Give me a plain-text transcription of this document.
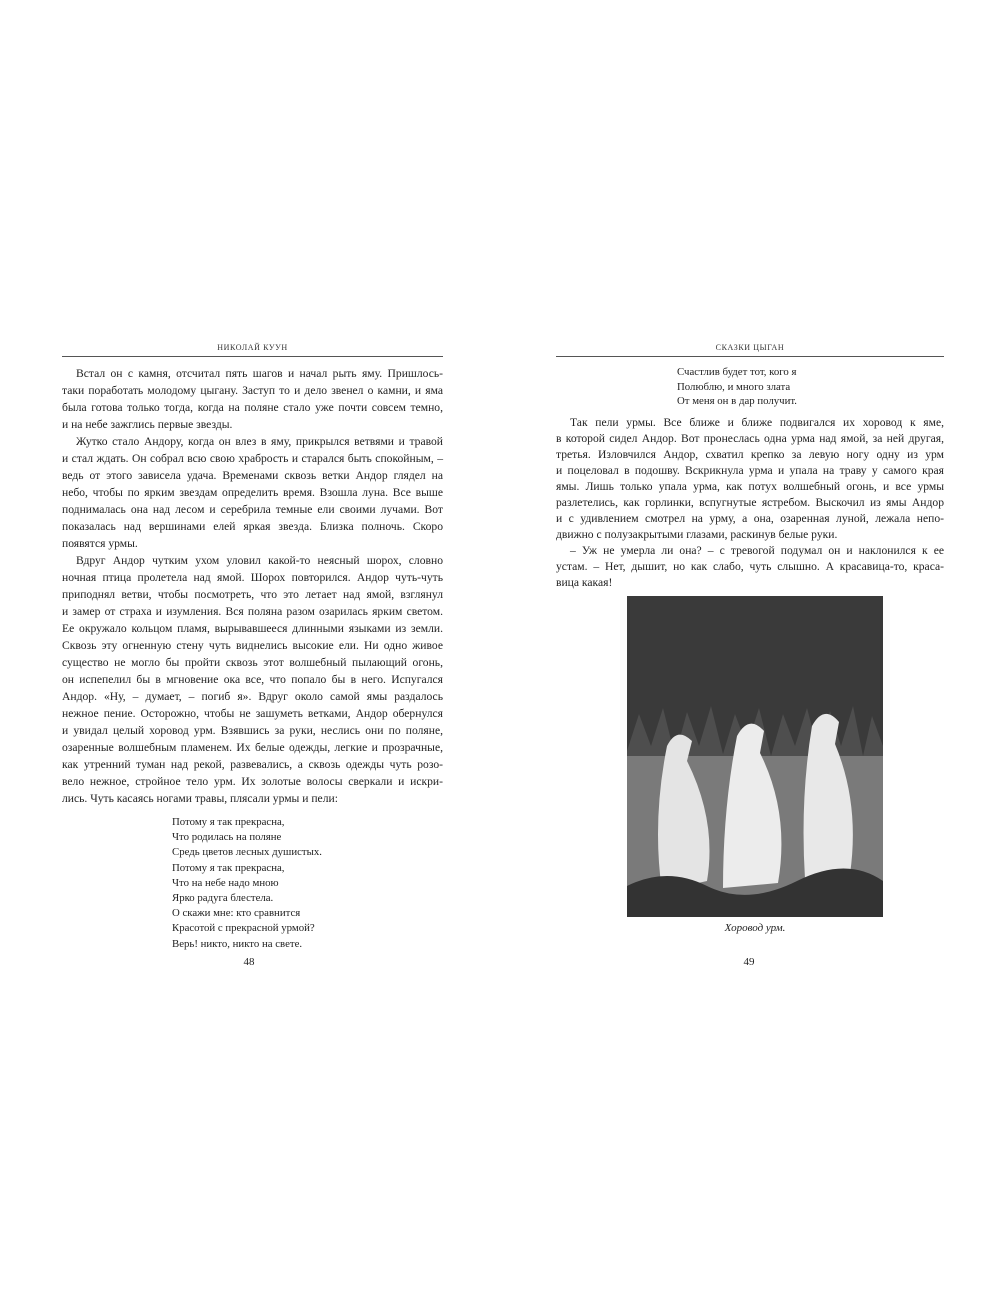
НИКОЛАЙ КУУН
Встал он с камня, отсчитал пять шагов и начал рыть яму. Пришлось-
таки поработать молодому цыгану. Заступ то и дело звенел о камни, и яма
была готова только тогда, когда на поляне стало уже почти совсем темно,
и на небе зажглись первые звезды.
Жутко стало Андору, когда он влез в яму, прикрылся ветвями и травой
и стал ждать. Он собрал всю свою храбрость и старался быть спокойным, –
ведь от этого зависела удача. Временами сквозь ветки Андор глядел на
небо, чтобы по ярким звездам определить время. Взошла луна. Все выше
поднималась она над лесом и серебрила темные ели своими лучами. Вот
показалась над вершинами елей яркая звезда. Близка полночь. Скоро
появятся урмы.
Вдруг Андор чутким ухом уловил какой-то неясный шорох, словно
ночная птица пролетела над ямой. Шорох повторился. Андор чуть-чуть
приподнял ветви, чтобы посмотреть, что это летает над ямой, взглянул
и замер от страха и изумления. Вся поляна разом озарилась ярким светом.
Ее окружало кольцом пламя, вырывавшееся длинными языками из земли.
Сквозь эту огненную стену чуть виднелись высокие ели. Ни одно живое
существо не могло бы пройти сквозь этот волшебный пылающий огонь,
он испепелил бы в мгновение ока все, что попало бы в него. Испугался
Андор. «Ну, – думает, – погиб я». Вдруг около самой ямы раздалось
нежное пение. Осторожно, чтобы не зашуметь ветками, Андор обернулся
и увидал целый хоровод урм. Взявшись за руки, неслись они по поляне,
озаренные волшебным пламенем. Их белые одежды, легкие и прозрачные,
как утренний туман над рекой, развевались, а сквозь одежды чуть розо-
вело нежное, стройное тело урм. Их золотые волосы сверкали и искри-
лись. Чуть касаясь ногами травы, плясали урмы и пели:
Потому я так прекрасна,
Что родилась на поляне
Средь цветов лесных душистых.
Потому я так прекрасна,
Что на небе надо мною
Ярко радуга блестела.
О скажи мне: кто сравнится
Красотой с прекрасной урмой?
Верь! никто, никто на свете.
СКАЗКИ ЦЫГАН
Счастлив будет тот, кого я
Полюблю, и много злата
От меня он в дар получит.
Так пели урмы. Все ближе и ближе подвигался их хоровод к яме,
в которой сидел Андор. Вот пронеслась одна урма над ямой, за ней другая,
третья. Изловчился Андор, схватил крепко за левую ногу одну из урм
и поцеловал в подошву. Вскрикнула урма и упала на траву у самого края
ямы. Лишь только упала урма, как потух волшебный огонь, и все урмы
разлетелись, как горлинки, вспугнутые ястребом. Выскочил из ямы Андор
и с удивлением смотрел на урму, а она, озаренная луной, лежала непо-
движно с полузакрытыми глазами, раскинув белые руки.
– Уж не умерла ли она? – с тревогой подумал он и наклонился к ее
устам. – Нет, дышит, но как слабо, чуть слышно. А красавица-то, краса-
вица какая!
Хоровод урм.
48	49
